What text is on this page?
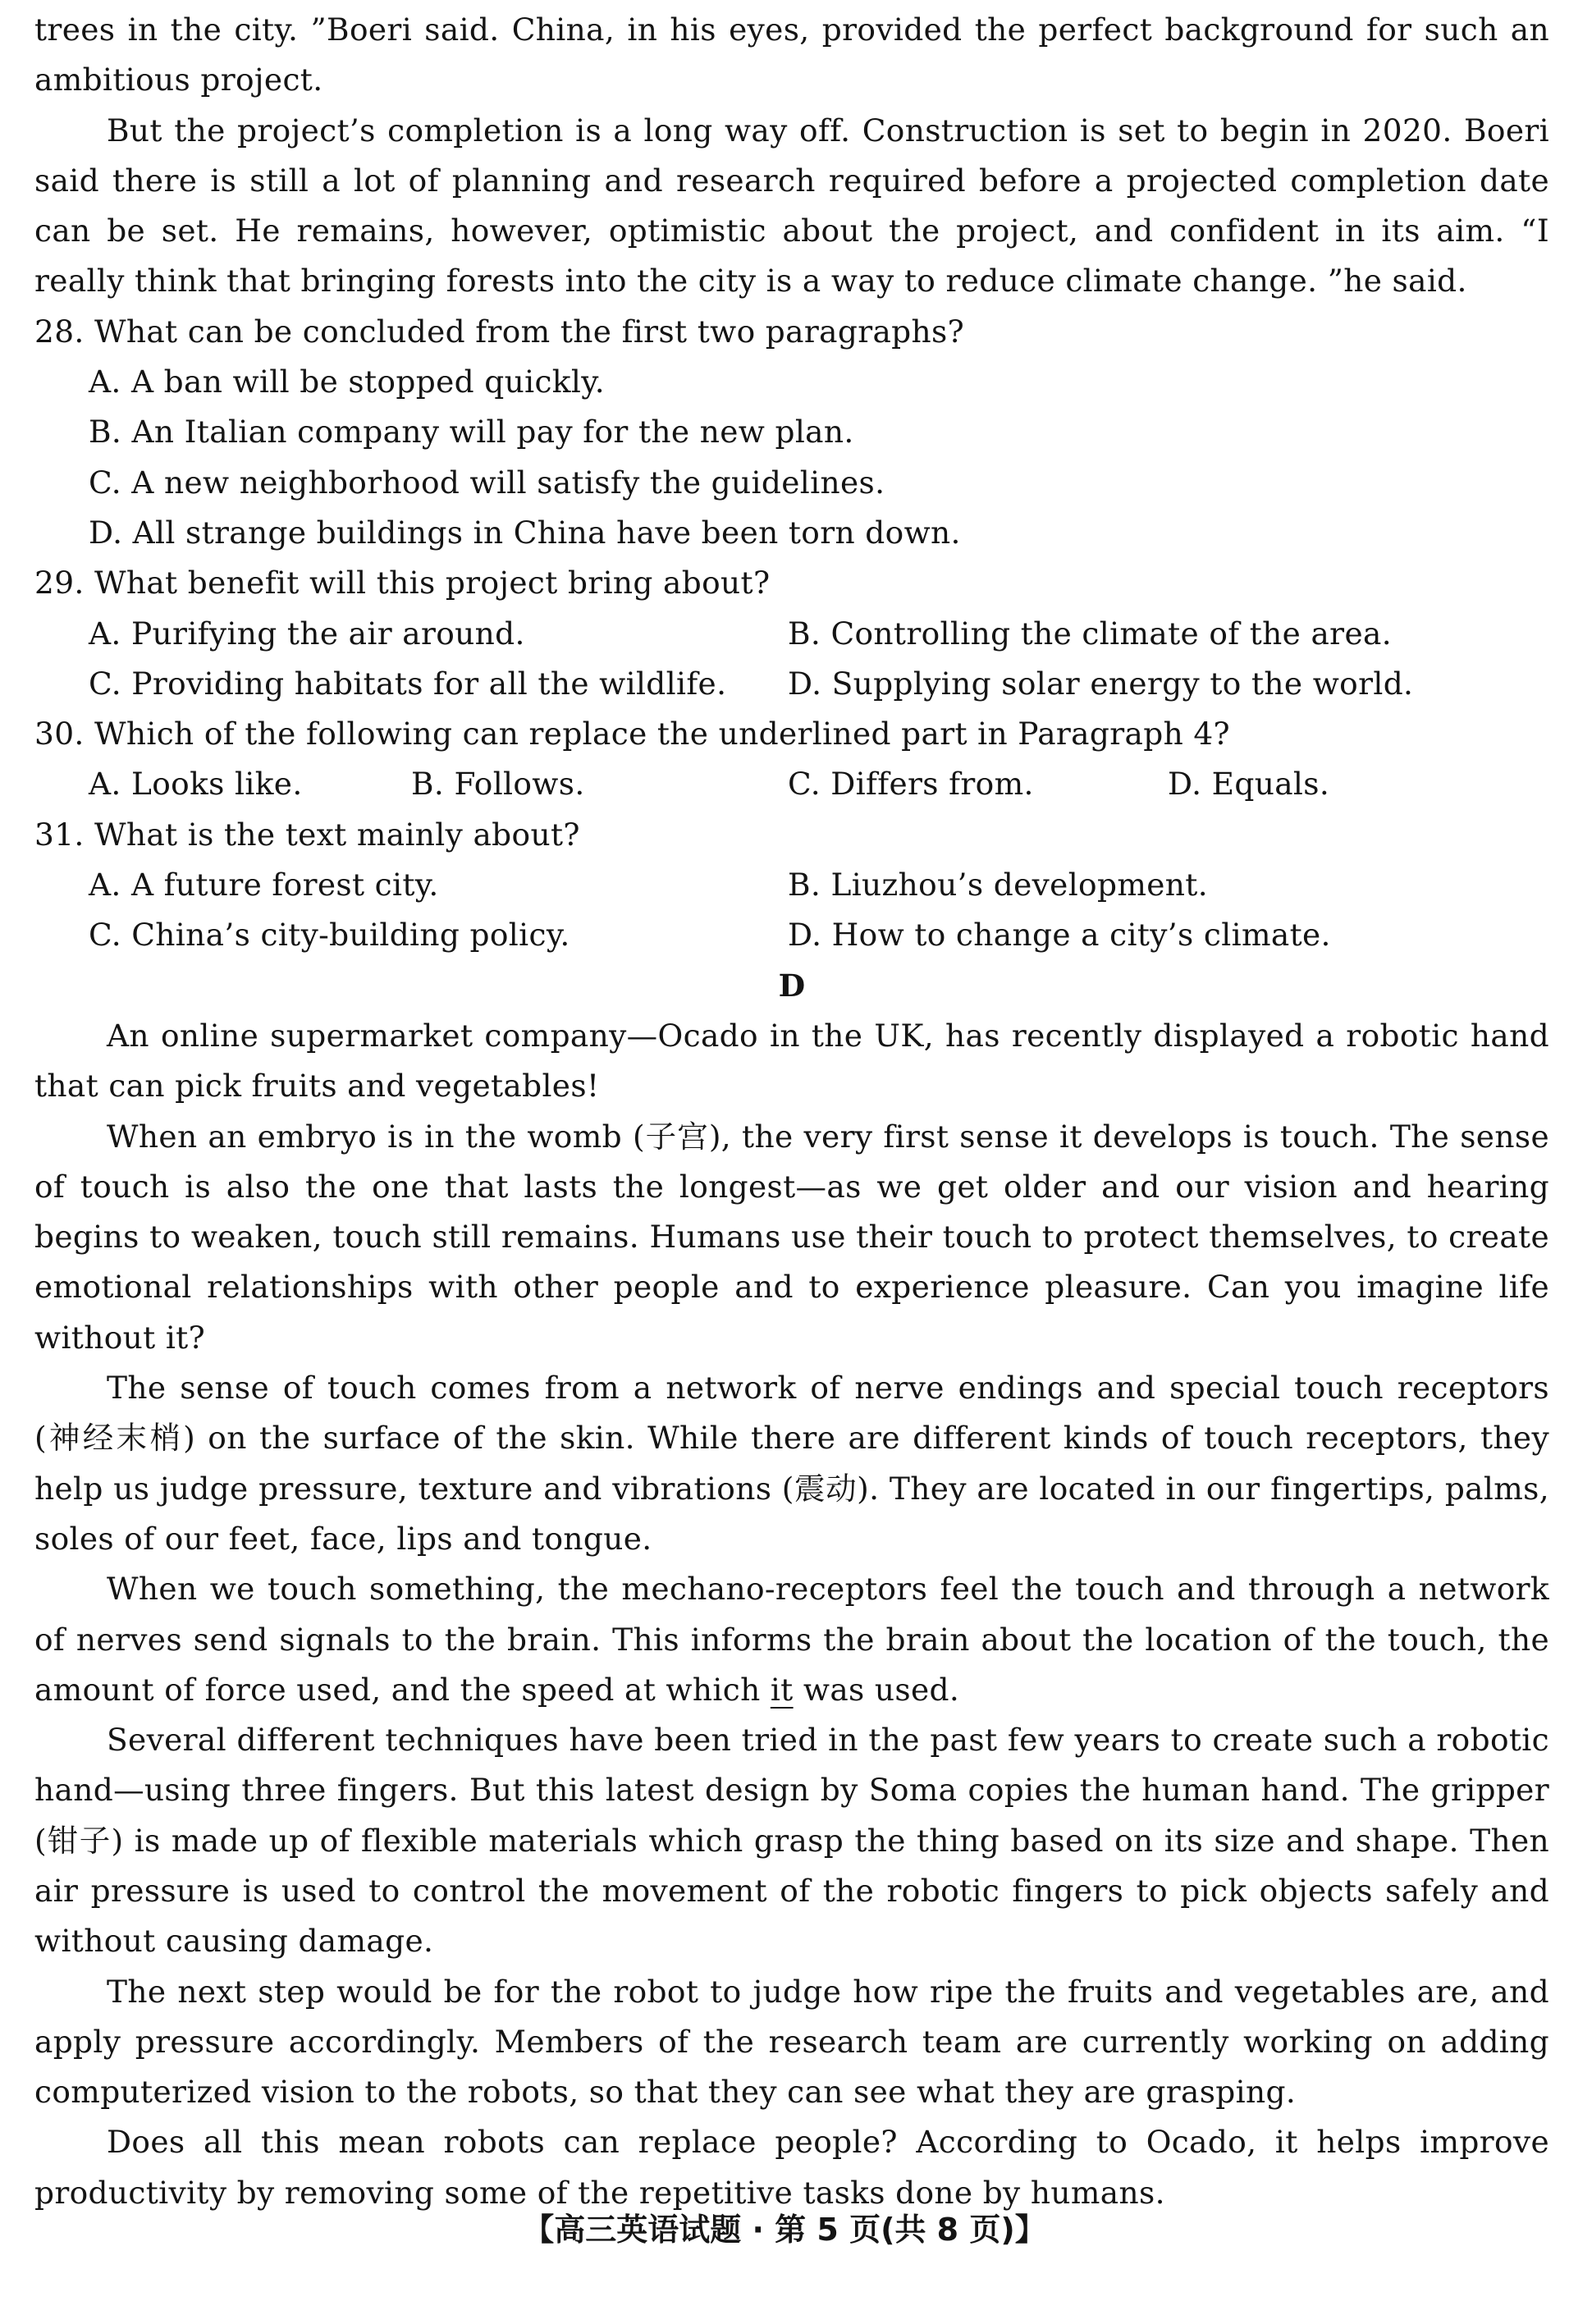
trees in the city. ”Boeri said. China, in his eyes, provided the perfect background for such an ambitious project.
But the project’s completion is a long way off. Construction is set to begin in 2020. Boeri said there is still a lot of planning and research required before a projected completion date can be set. He remains, however, optimistic about the project, and confident in its aim. “I really think that bringing forests into the city is a way to reduce climate change. ”he said.
28. What can be concluded from the first two paragraphs?
A. A ban will be stopped quickly.
B. An Italian company will pay for the new plan.
C. A new neighborhood will satisfy the guidelines.
D. All strange buildings in China have been torn down.
29. What benefit will this project bring about?
A. Purifying the air around.	B. Controlling the climate of the area.
C. Providing habitats for all the wildlife.	D. Supplying solar energy to the world.
30. Which of the following can replace the underlined part in Paragraph 4?
A. Looks like.	B. Follows.	C. Differs from.	D. Equals.
31. What is the text mainly about?
A. A future forest city.	B. Liuzhou’s development.
C. China’s city-building policy.	D. How to change a city’s climate.
D
An online supermarket company—Ocado in the UK, has recently displayed a robotic hand that can pick fruits and vegetables!
When an embryo is in the womb (子宫), the very first sense it develops is touch. The sense of touch is also the one that lasts the longest—as we get older and our vision and hearing begins to weaken, touch still remains. Humans use their touch to protect themselves, to create emotional relationships with other people and to experience pleasure. Can you imagine life without it?
The sense of touch comes from a network of nerve endings and special touch receptors (神经末梢) on the surface of the skin. While there are different kinds of touch receptors, they help us judge pressure, texture and vibrations (震动). They are located in our fingertips, palms, soles of our feet, face, lips and tongue.
When we touch something, the mechano-receptors feel the touch and through a network of nerves send signals to the brain. This informs the brain about the location of the touch, the amount of force used, and the speed at which it was used.
Several different techniques have been tried in the past few years to create such a robotic hand—using three fingers. But this latest design by Soma copies the human hand. The gripper (钳子) is made up of flexible materials which grasp the thing based on its size and shape. Then air pressure is used to control the movement of the robotic fingers to pick objects safely and without causing damage.
The next step would be for the robot to judge how ripe the fruits and vegetables are, and apply pressure accordingly. Members of the research team are currently working on adding computerized vision to the robots, so that they can see what they are grasping.
Does all this mean robots can replace people? According to Ocado, it helps improve productivity by removing some of the repetitive tasks done by humans.
【高三英语试题 · 第 5 页(共 8 页)】
